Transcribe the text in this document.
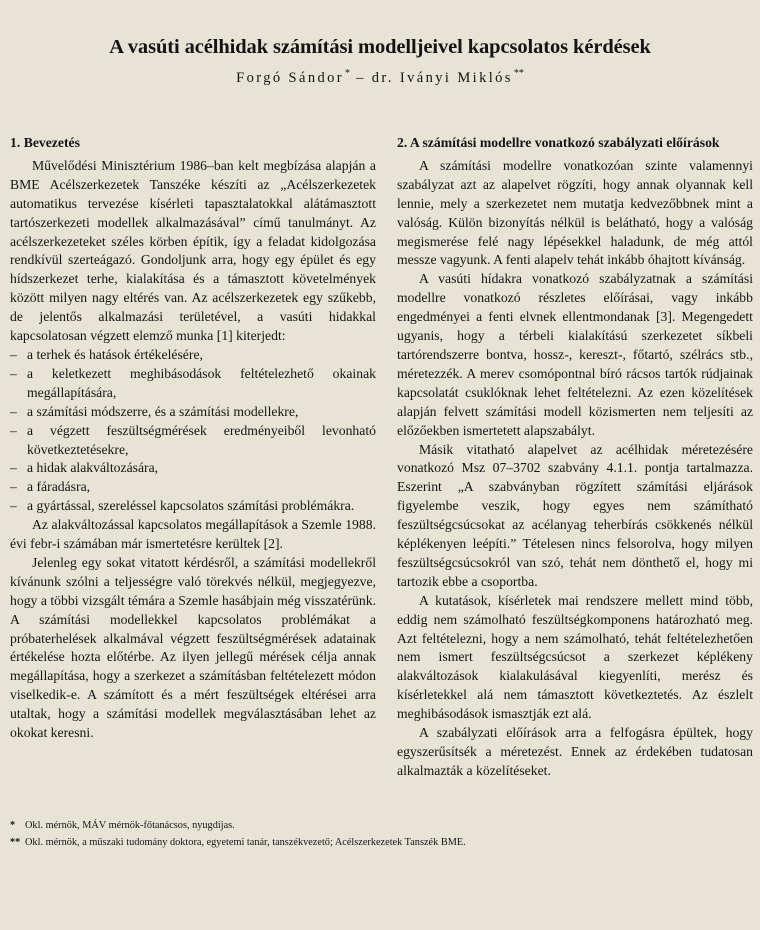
A vasúti acélhidak számítási modelljeivel kapcsolatos kérdések
Forgó Sándor* – dr. Iványi Miklós**
1. Bevezetés

Művelődési Minisztérium 1986–ban kelt megbízása alapján a BME Acélszerkezetek Tanszéke készíti az „Acélszerkezetek automatikus tervezése kísérleti tapasztalatokkal alátámasztott tartószerkezeti modellek alkalmazásával” című tanulmányt. Az acélszerkezeteket széles körben építik, így a feladat kidolgozása rendkívül szerteágazó. Gondoljunk arra, hogy egy épület és egy hídszerkezet terhe, kialakítása és a támasztott követelmények között milyen nagy eltérés van. Az acélszerkezetek egy szűkebb, de jelentős alkalmazási területével, a vasúti hidakkal kapcsolatosan végzett elemző munka [1] kiterjedt:

– a terhek és hatások értékelésére,
– a keletkezett meghibásodások feltételezhető okainak megállapítására,
– a számítási módszerre, és a számítási modellekre,
– a végzett feszültségmérések eredményeiből levonható következtetésekre,
– a hidak alakváltozására,
– a fáradásra,
– a gyártással, szereléssel kapcsolatos számítási problémákra.

Az alakváltozással kapcsolatos megállapítások a Szemle 1988. évi febr-i számában már ismertetésre kerültek [2].

Jelenleg egy sokat vitatott kérdésről, a számítási modellekről kívánunk szólni a teljességre való törekvés nélkül, megjegyezve, hogy a többi vizsgált témára a Szemle hasábjain még visszatérünk. A számítási modellekkel kapcsolatos problémákat a próbaterhelések alkalmával végzett feszültségmérések adatainak értékelése hozta előtérbe. Az ilyen jellegű mérések célja annak megállapítása, hogy a szerkezet a számításban feltételezett módon viselkedik-e. A számított és a mért feszültségek eltérései arra utaltak, hogy a számítási modellek megválasztásában lehet az okokat keresni.

2. A számítási modellre vonatkozó szabályzati előírások

A számítási modellre vonatkozóan szinte valamennyi szabályzat azt az alapelvet rögzíti, hogy annak olyannak kell lennie, mely a szerkezetet nem mutatja kedvezőbbnek mint a valóság. Külön bizonyítás nélkül is belátható, hogy a valóság megismerése felé nagy lépésekkel haladunk, de még attól messze vagyunk. A fenti alapelv tehát inkább óhajtott kívánság.

A vasúti hídakra vonatkozó szabályzatnak a számítási modellre vonatkozó részletes előírásai, vagy inkább engedményei a fenti elvnek ellentmondanak [3]. Megengedett ugyanis, hogy a térbeli kialakítású szerkezetet síkbeli tartórendszerre bontva, hossz-, kereszt-, főtartó, szélrács stb., méretezzék. A merev csomópontnal bíró rácsos tartók rúdjainak kapcsolatát csuklóknak lehet feltételezni. Az ezen közelítések alapján felvett számítási modell közismerten nem teljesíti az előzőekben ismertetett alapszabályt.

Másik vitatható alapelvet az acélhidak méretezésére vonatkozó Msz 07–3702 szabvány 4.1.1. pontja tartalmazza. Eszerint „A szabványban rögzített számítási eljárások figyelembe veszik, hogy egyes nem számítható feszültségcsúcsokat az acélanyag teherbírás csökkenés nélkül képlékenyen leépíti.” Tételesen nincs felsorolva, hogy milyen feszültségcsúcsokról van szó, tehát nem dönthető el, hogy mi tartozik ebbe a csoportba.

A kutatások, kísérletek mai rendszere mellett mind több, eddig nem számolható feszültségkomponens határozható meg. Azt feltételezni, hogy a nem számolható, tehát feltételezhetően nem ismert feszültségcsúcsot a szerkezet képlékeny alakváltozások kialakulásával kiegyenlíti, merész és kísérletekkel alá nem támasztott következtetés. Az észlelt meghibásodások ismasztják ezt alá.

A szabályzati előírások arra a felfogásra épültek, hogy egyszerűsítsék a méretezést. Ennek az érdekében tudatosan alkalmazták a közelítéseket.

* Okl. mérnök, MÁV mérnök-főtanácsos, nyugdíjas.
** Okl. mérnök, a műszaki tudomány doktora, egyetemi tanár, tanszékvezető; Acélszerkezetek Tanszék BME.
